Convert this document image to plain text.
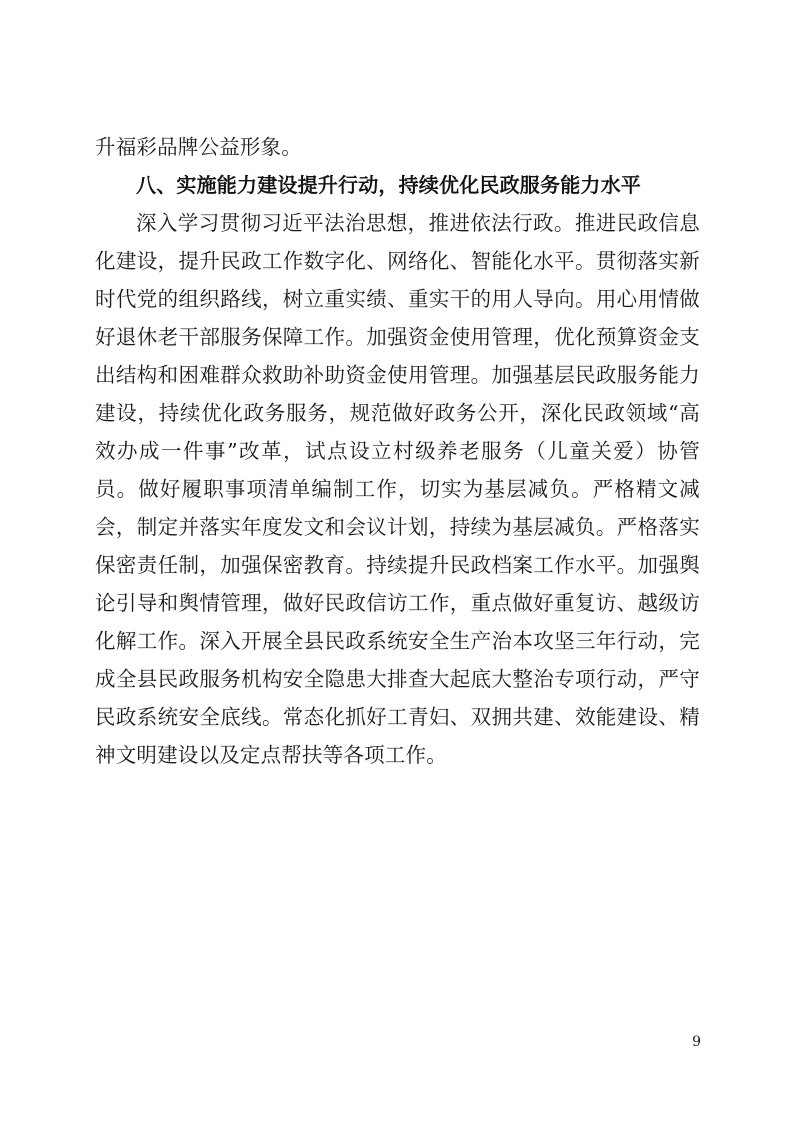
升福彩品牌公益形象。

八、实施能力建设提升行动，持续优化民政服务能力水平

深入学习贯彻习近平法治思想，推进依法行政。推进民政信息化建设，提升民政工作数字化、网络化、智能化水平。贯彻落实新时代党的组织路线，树立重实绩、重实干的用人导向。用心用情做好退休老干部服务保障工作。加强资金使用管理，优化预算资金支出结构和困难群众救助补助资金使用管理。加强基层民政服务能力建设，持续优化政务服务，规范做好政务公开，深化民政领域“高效办成一件事”改革，试点设立村级养老服务（儿童关爱）协管员。做好履职事项清单编制工作，切实为基层减负。严格精文减会，制定并落实年度发文和会议计划，持续为基层减负。严格落实保密责任制，加强保密教育。持续提升民政档案工作水平。加强舆论引导和舆情管理，做好民政信访工作，重点做好重复访、越级访化解工作。深入开展全县民政系统安全生产治本攻坚三年行动，完成全县民政服务机构安全隐患大排查大起底大整治专项行动，严守民政系统安全底线。常态化抓好工青妇、双拥共建、效能建设、精神文明建设以及定点帮扶等各项工作。

9
